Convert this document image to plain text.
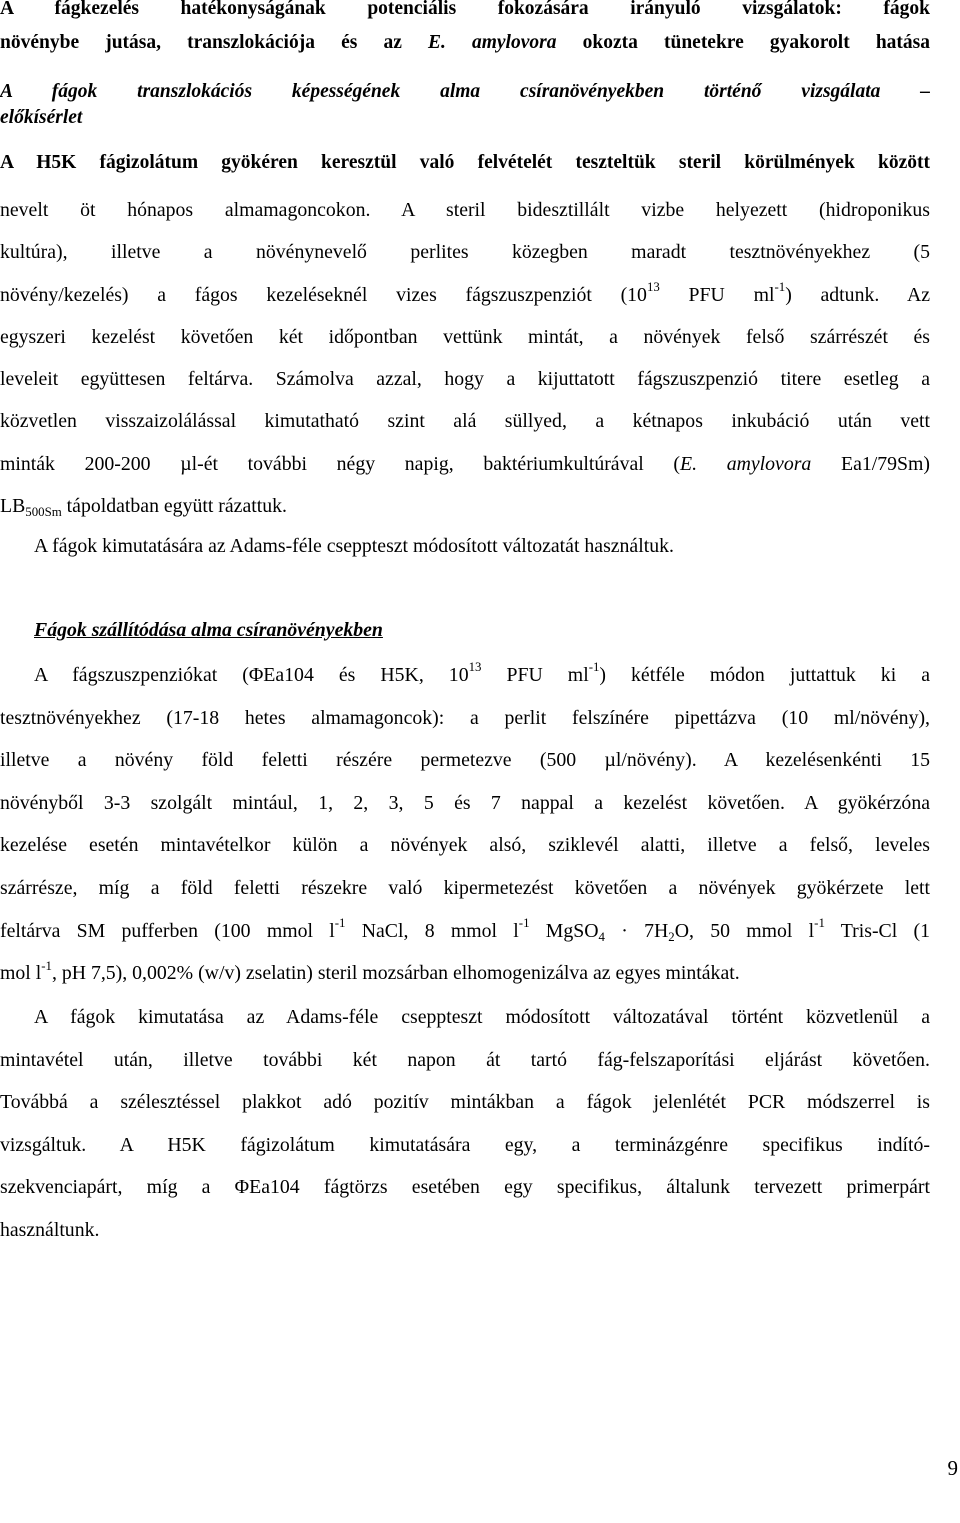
A fágkezelés hatékonyságának potenciális fokozására irányuló vizsgálatok: fágok
növénybe jutása, transzlokációja és az E. amylovora okozta tünetekre gyakorolt hatása
A fágok transzlokációs képességének alma csíranövényekben történő vizsgálata –
előkísérlet
A H5K fágizolátum gyökéren keresztül való felvételét teszteltük steril körülmények között
nevelt öt hónapos almamagoncokon. A steril bidesztillált vizbe helyezett (hidroponikus
kultúra), illetve a növénynevelő perlites közegben maradt tesztnövényekhez (5
növény/kezelés) a fágos kezeléseknél vizes fágszuszpenziót ($10^{13}$ PFU $ml^{-1}$) adtunk. Az
egyszeri kezelést követően két időpontban vettünk mintát, a növények felső szárrészét és
leveleit együttesen feltárva. Számolva azzal, hogy a kijuttatott fágszuszpenzió titere esetleg a
közvetlen visszaizolálással kimutatható szint alá süllyed, a kétnapos inkubáció után vett
minták 200-200 µl-ét további négy napig, baktériumkultúrával (E. amylovora Ea1/79Sm)
$LB_{500Sm}$ tápoldatban együtt rázattuk.
A fágok kimutatására az Adams-féle cseppteszt módosított változatát használtuk.
Fágok szállítódása alma csíranövényekben
A fágszuszpenziókat (ΦEa104 és H5K, $10^{13}$ PFU $ml^{-1}$) kétféle módon juttattuk ki a
tesztnövényekhez (17-18 hetes almamagoncok): a perlit felszínére pipettázva (10 ml/növény),
illetve a növény föld feletti részére permetezve (500 µl/növény). A kezelésenkénti 15
növényből 3-3 szolgált mintául, 1, 2, 3, 5 és 7 nappal a kezelést követően. A gyökérzóna
kezelése esetén mintavételkor külön a növények alsó, sziklevél alatti, illetve a felső, leveles
szárrésze, míg a föld feletti részekre való kipermetezést követően a növények gyökérzete lett
feltárva SM pufferben (100 mmol $l^{-1}$ NaCl, 8 mmol $l^{-1}$ MgSO$_4$ · $7H_2O$, 50 mmol $l^{-1}$ Tris-Cl (1
mol $l^{-1}$, pH 7,5), 0,002% (w/v) zselatin) steril mozsárban elhomogenizálva az egyes mintákat.
A fágok kimutatása az Adams-féle cseppteszt módosított változatával történt közvetlenül a
mintavétel után, illetve további két napon át tartó fág-felszaporítási eljárást követően.
Továbbá a szélesztéssel plakkot adó pozitív mintákban a fágok jelenlétét PCR módszerrel is
vizsgáltuk. A H5K fágizolátum kimutatására egy, a terminázgénre specifikus indító-
szekvenciapárt, míg a ΦEa104 fágtörzs esetében egy specifikus, általunk tervezett primerpárt
használtunk.
9
